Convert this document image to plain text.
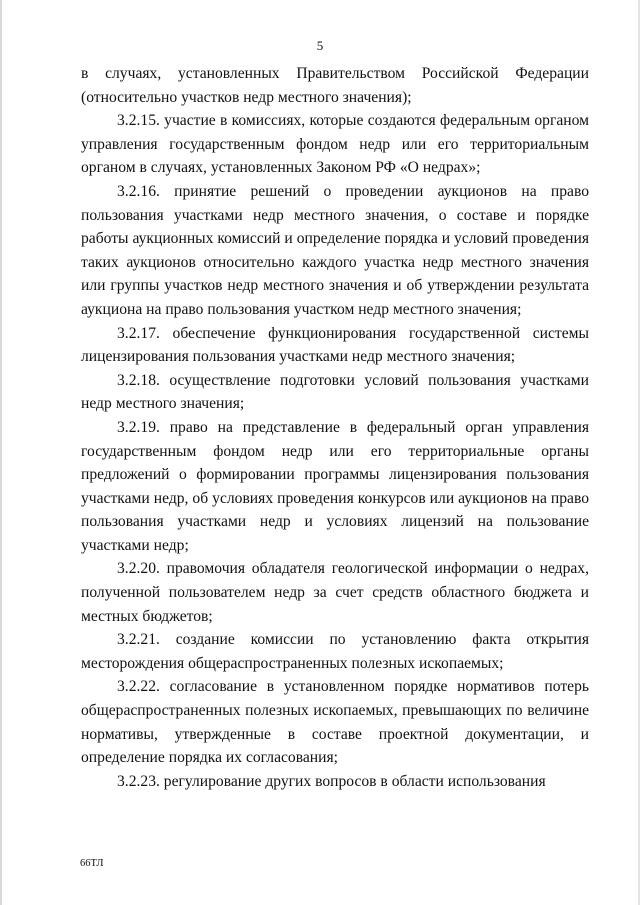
5

в случаях, установленных Правительством Российской Федерации (относительно участков недр местного значения);

3.2.15. участие в комиссиях, которые создаются федеральным органом управления государственным фондом недр или его территориальным органом в случаях, установленных Законом РФ «О недрах»;

3.2.16. принятие решений о проведении аукционов на право пользования участками недр местного значения, о составе и порядке работы аукционных комиссий и определение порядка и условий проведения таких аукционов относительно каждого участка недр местного значения или группы участков недр местного значения и об утверждении результата аукциона на право пользования участком недр местного значения;

3.2.17. обеспечение функционирования государственной системы лицензирования пользования участками недр местного значения;

3.2.18. осуществление подготовки условий пользования участками недр местного значения;

3.2.19. право на представление в федеральный орган управления государственным фондом недр или его территориальные органы предложений о формировании программы лицензирования пользования участками недр, об условиях проведения конкурсов или аукционов на право пользования участками недр и условиях лицензий на пользование участками недр;

3.2.20. правомочия обладателя геологической информации о недрах, полученной пользователем недр за счет средств областного бюджета и местных бюджетов;

3.2.21. создание комиссии по установлению факта открытия месторождения общераспространенных полезных ископаемых;

3.2.22. согласование в установленном порядке нормативов потерь общераспространенных полезных ископаемых, превышающих по величине нормативы, утвержденные в составе проектной документации, и определение порядка их согласования;

3.2.23. регулирование других вопросов в области использования

66ТЛ
